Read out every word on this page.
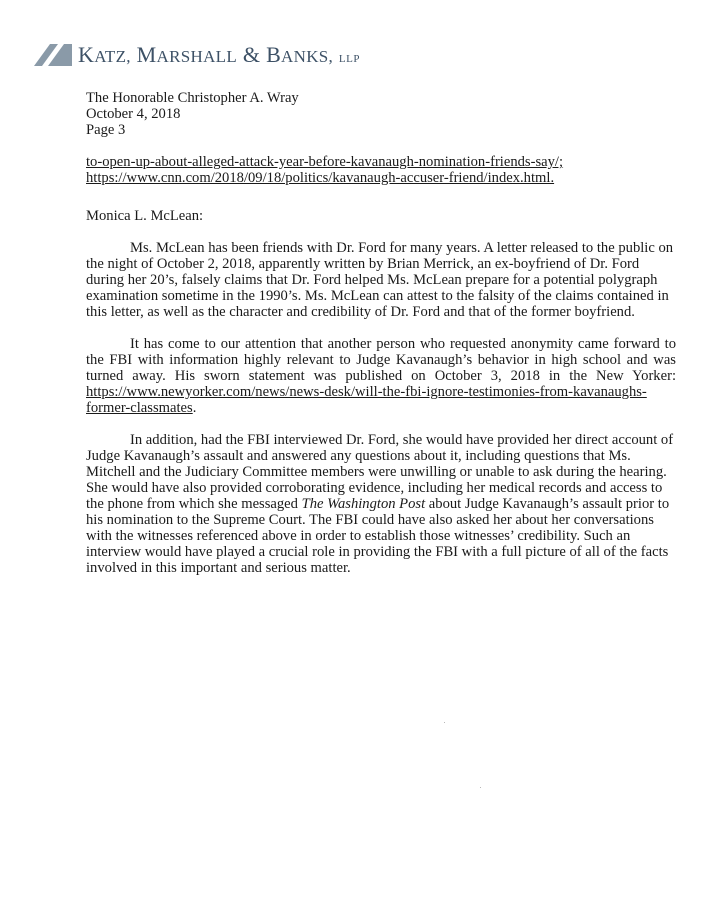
KATZ, MARSHALL & BANKS, LLP
The Honorable Christopher A. Wray
October 4, 2018
Page 3
to-open-up-about-alleged-attack-year-before-kavanaugh-nomination-friends-say/;
https://www.cnn.com/2018/09/18/politics/kavanaugh-accuser-friend/index.html.
Monica L. McLean:

Ms. McLean has been friends with Dr. Ford for many years. A letter released to the public on the night of October 2, 2018, apparently written by Brian Merrick, an ex-boyfriend of Dr. Ford during her 20’s, falsely claims that Dr. Ford helped Ms. McLean prepare for a potential polygraph examination sometime in the 1990’s. Ms. McLean can attest to the falsity of the claims contained in this letter, as well as the character and credibility of Dr. Ford and that of the former boyfriend.

It has come to our attention that another person who requested anonymity came forward to the FBI with information highly relevant to Judge Kavanaugh’s behavior in high school and was turned away. His sworn statement was published on October 3, 2018 in the New Yorker: https://www.newyorker.com/news/news-desk/will-the-fbi-ignore-testimonies-from-kavanaughs-former-classmates.

In addition, had the FBI interviewed Dr. Ford, she would have provided her direct account of Judge Kavanaugh’s assault and answered any questions about it, including questions that Ms. Mitchell and the Judiciary Committee members were unwilling or unable to ask during the hearing. She would have also provided corroborating evidence, including her medical records and access to the phone from which she messaged The Washington Post about Judge Kavanaugh’s assault prior to his nomination to the Supreme Court. The FBI could have also asked her about her conversations with the witnesses referenced above in order to establish those witnesses’ credibility. Such an interview would have played a crucial role in providing the FBI with a full picture of all of the facts involved in this important and serious matter.
